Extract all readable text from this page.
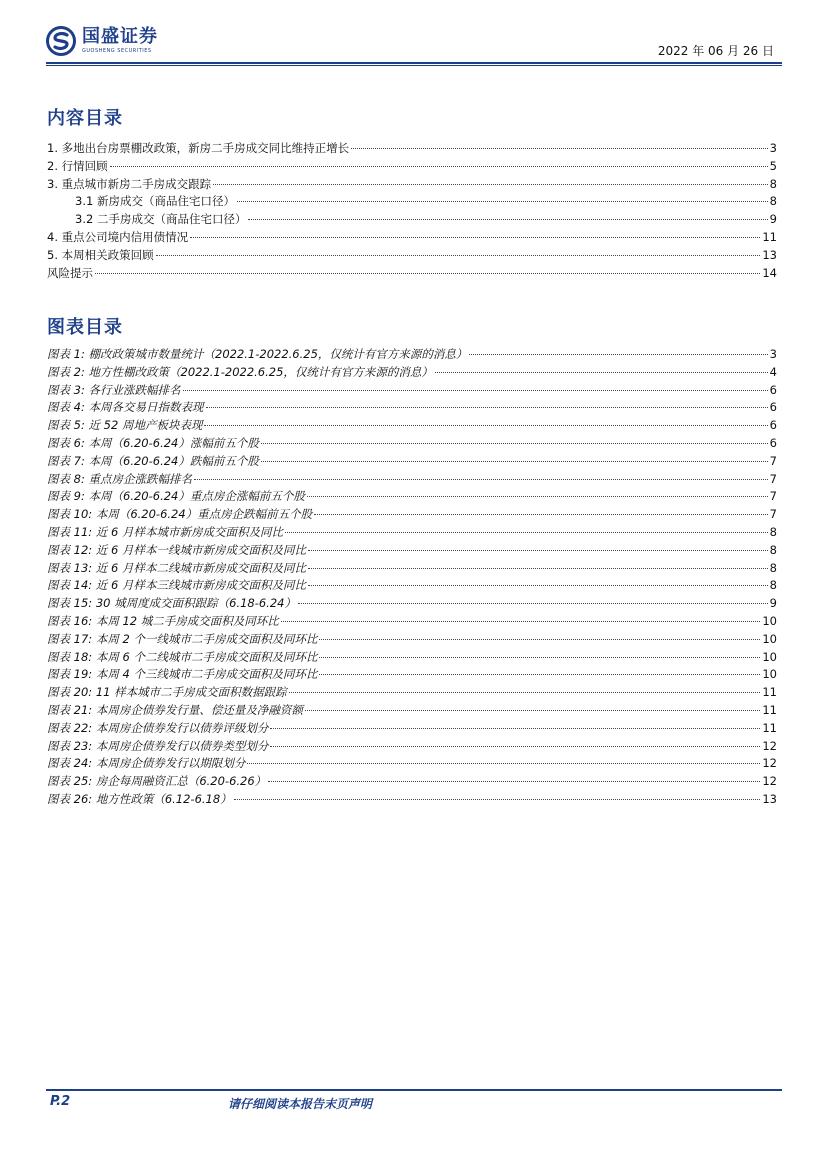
国盛证券
GUOSHENG SECURITIES	2022 年 06 月 26 日
内容目录
1. 多地出台房票棚改政策，新房二手房成交同比维持正增长	3
2. 行情回顾	5
3. 重点城市新房二手房成交跟踪	8
3.1 新房成交（商品住宅口径）	8
3.2 二手房成交（商品住宅口径）	9
4. 重点公司境内信用债情况	11
5. 本周相关政策回顾	13
风险提示	14
图表目录
图表 1: 棚改政策城市数量统计（2022.1-2022.6.25，仅统计有官方来源的消息）	3
图表 2: 地方性棚改政策（2022.1-2022.6.25，仅统计有官方来源的消息）	4
图表 3: 各行业涨跌幅排名	6
图表 4: 本周各交易日指数表现	6
图表 5: 近 52 周地产板块表现	6
图表 6: 本周（6.20-6.24）涨幅前五个股	6
图表 7: 本周（6.20-6.24）跌幅前五个股	7
图表 8: 重点房企涨跌幅排名	7
图表 9: 本周（6.20-6.24）重点房企涨幅前五个股	7
图表 10: 本周（6.20-6.24）重点房企跌幅前五个股	7
图表 11: 近 6 月样本城市新房成交面积及同比	8
图表 12: 近 6 月样本一线城市新房成交面积及同比	8
图表 13: 近 6 月样本二线城市新房成交面积及同比	8
图表 14: 近 6 月样本三线城市新房成交面积及同比	8
图表 15: 30 城周度成交面积跟踪（6.18-6.24）	9
图表 16: 本周 12 城二手房成交面积及同环比	10
图表 17: 本周 2 个一线城市二手房成交面积及同环比	10
图表 18: 本周 6 个二线城市二手房成交面积及同环比	10
图表 19: 本周 4 个三线城市二手房成交面积及同环比	10
图表 20: 11 样本城市二手房成交面积数据跟踪	11
图表 21: 本周房企债券发行量、偿还量及净融资额	11
图表 22: 本周房企债券发行以债券评级划分	11
图表 23: 本周房企债券发行以债券类型划分	12
图表 24: 本周房企债券发行以期限划分	12
图表 25: 房企每周融资汇总（6.20-6.26）	12
图表 26: 地方性政策（6.12-6.18）	13
P.2	请仔细阅读本报告末页声明
